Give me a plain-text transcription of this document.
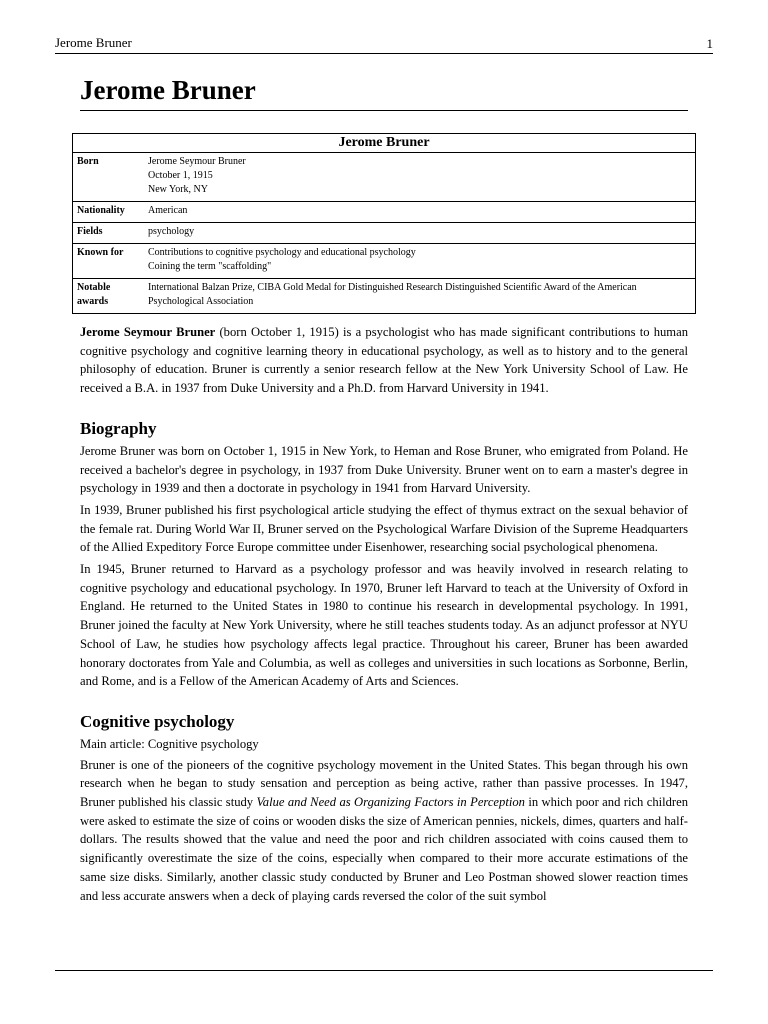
Jerome Bruner	1
Jerome Bruner
Jerome Bruner	
Born	Jerome Seymour Bruner
October 1, 1915
New York, NY

Nationality	American

Fields	psychology

Known for	Contributions to cognitive psychology and educational psychology
Coining the term "scaffolding"

Notable awards	International Balzan Prize, CIBA Gold Medal for Distinguished Research Distinguished Scientific Award of the American Psychological Association

Jerome Seymour Bruner (born October 1, 1915) is a psychologist who has made significant contributions to human cognitive psychology and cognitive learning theory in educational psychology, as well as to history and to the general philosophy of education. Bruner is currently a senior research fellow at the New York University School of Law. He received a B.A. in 1937 from Duke University and a Ph.D. from Harvard University in 1941.

Biography

Jerome Bruner was born on October 1, 1915 in New York, to Heman and Rose Bruner, who emigrated from Poland. He received a bachelor's degree in psychology, in 1937 from Duke University. Bruner went on to earn a master's degree in psychology in 1939 and then a doctorate in psychology in 1941 from Harvard University.

In 1939, Bruner published his first psychological article studying the effect of thymus extract on the sexual behavior of the female rat. During World War II, Bruner served on the Psychological Warfare Division of the Supreme Headquarters of the Allied Expeditory Force Europe committee under Eisenhower, researching social psychological phenomena.

In 1945, Bruner returned to Harvard as a psychology professor and was heavily involved in research relating to cognitive psychology and educational psychology. In 1970, Bruner left Harvard to teach at the University of Oxford in England. He returned to the United States in 1980 to continue his research in developmental psychology. In 1991, Bruner joined the faculty at New York University, where he still teaches students today. As an adjunct professor at NYU School of Law, he studies how psychology affects legal practice. Throughout his career, Bruner has been awarded honorary doctorates from Yale and Columbia, as well as colleges and universities in such locations as Sorbonne, Berlin, and Rome, and is a Fellow of the American Academy of Arts and Sciences.

Cognitive psychology
Main article: Cognitive psychology

Bruner is one of the pioneers of the cognitive psychology movement in the United States. This began through his own research when he began to study sensation and perception as being active, rather than passive processes. In 1947, Bruner published his classic study Value and Need as Organizing Factors in Perception in which poor and rich children were asked to estimate the size of coins or wooden disks the size of American pennies, nickels, dimes, quarters and half-dollars. The results showed that the value and need the poor and rich children associated with coins caused them to significantly overestimate the size of the coins, especially when compared to their more accurate estimations of the same size disks. Similarly, another classic study conducted by Bruner and Leo Postman showed slower reaction times and less accurate answers when a deck of playing cards reversed the color of the suit symbol
